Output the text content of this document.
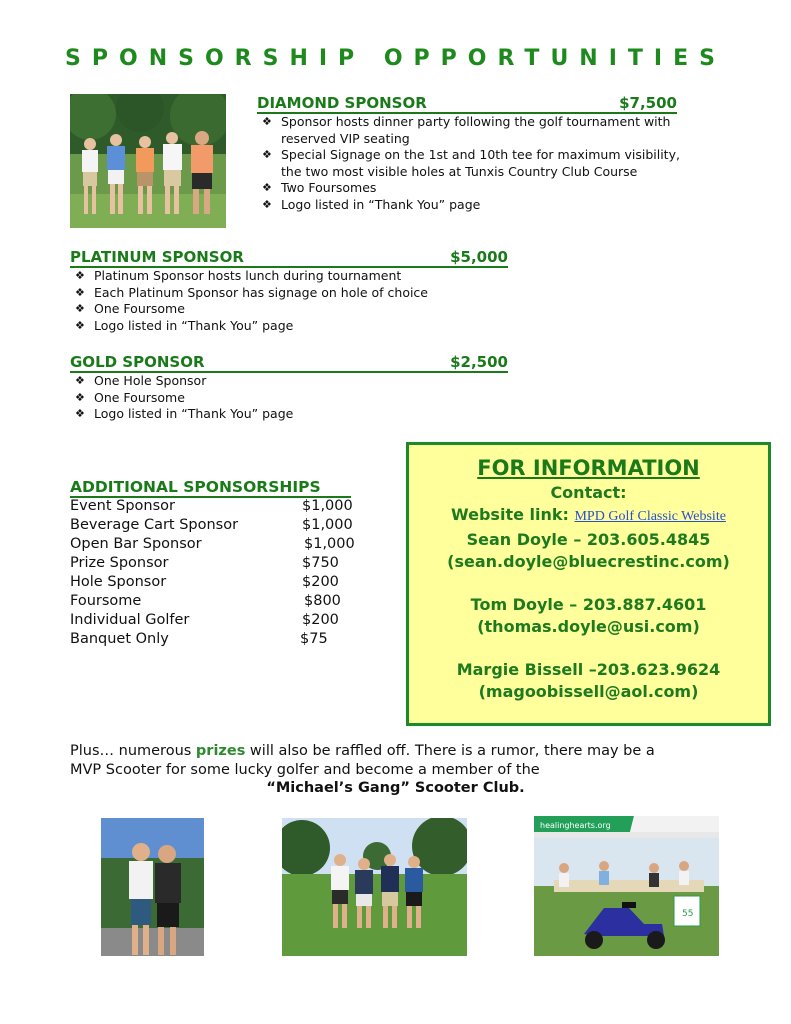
SPONSORSHIP OPPORTUNITIES
DIAMOND SPONSOR	$7,500
❖ Sponsor hosts dinner party following the golf tournament with
reserved VIP seating
❖ Special Signage on the 1st and 10th tee for maximum visibility,
the two most visible holes at Tunxis Country Club Course
❖ Two Foursomes
❖ Logo listed in “Thank You” page
PLATINUM SPONSOR	$5,000
❖ Platinum Sponsor hosts lunch during tournament
❖ Each Platinum Sponsor has signage on hole of choice
❖ One Foursome
❖ Logo listed in “Thank You” page
GOLD SPONSOR	$2,500
❖ One Hole Sponsor
❖ One Foursome
❖ Logo listed in “Thank You” page
ADDITIONAL SPONSORSHIPS
Event Sponsor	$1,000
Beverage Cart Sponsor	$1,000
Open Bar Sponsor	$1,000
Prize Sponsor	$750
Hole Sponsor	$200
Foursome	$800
Individual Golfer	$200
Banquet Only	$75
FOR INFORMATION
Contact:
Website link: MPD Golf Classic Website
Sean Doyle – 203.605.4845
(sean.doyle@bluecrestinc.com)
Tom Doyle – 203.887.4601
(thomas.doyle@usi.com)
Margie Bissell –203.623.9624
(magoobissell@aol.com)
Plus… numerous prizes will also be raffled off. There is a rumor, there may be a
MVP Scooter for some lucky golfer and become a member of the
“Michael’s Gang” Scooter Club.
healinghearts.org
55
